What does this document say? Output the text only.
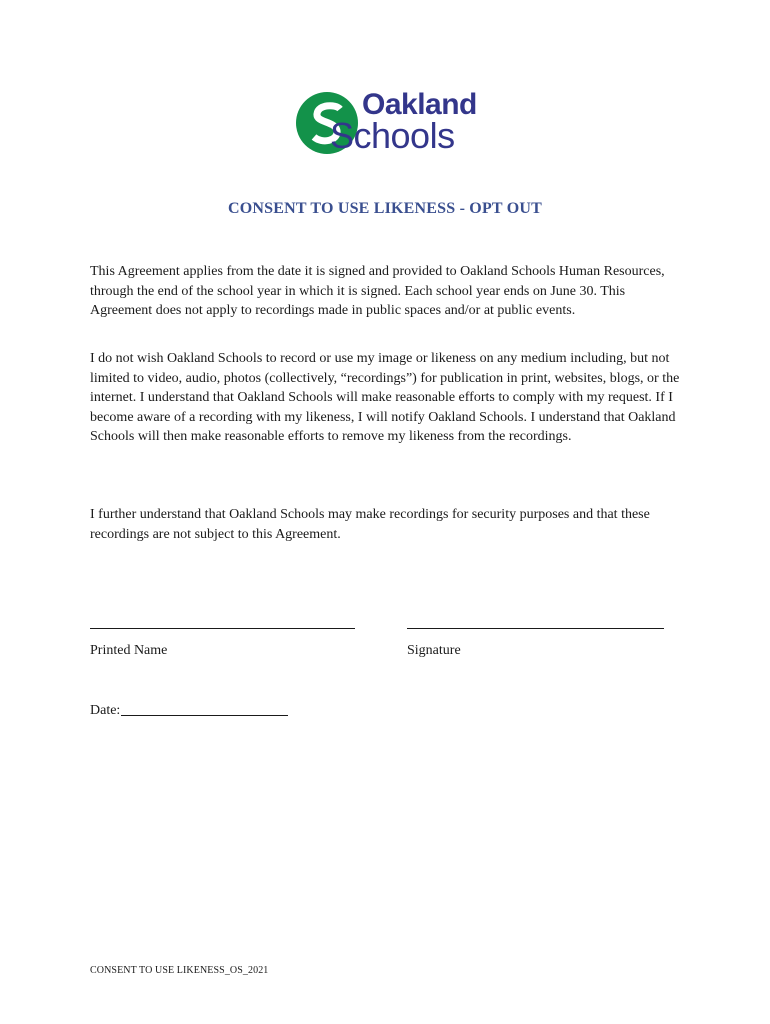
Oakland
Schools
CONSENT TO USE LIKENESS - OPT OUT

This Agreement applies from the date it is signed and provided to Oakland Schools Human Resources, through the end of the school year in which it is signed. Each school year ends on June 30. This Agreement does not apply to recordings made in public spaces and/or at public events.

I do not wish Oakland Schools to record or use my image or likeness on any medium including, but not limited to video, audio, photos (collectively, “recordings”) for publication in print, websites, blogs, or the internet. I understand that Oakland Schools will make reasonable efforts to comply with my request. If I become aware of a recording with my likeness, I will notify Oakland Schools. I understand that Oakland Schools will then make reasonable efforts to remove my likeness from the recordings.

I further understand that Oakland Schools may make recordings for security purposes and that these recordings are not subject to this Agreement.

Printed Name	Signature
Date:
CONSENT TO USE LIKENESS_OS_2021
